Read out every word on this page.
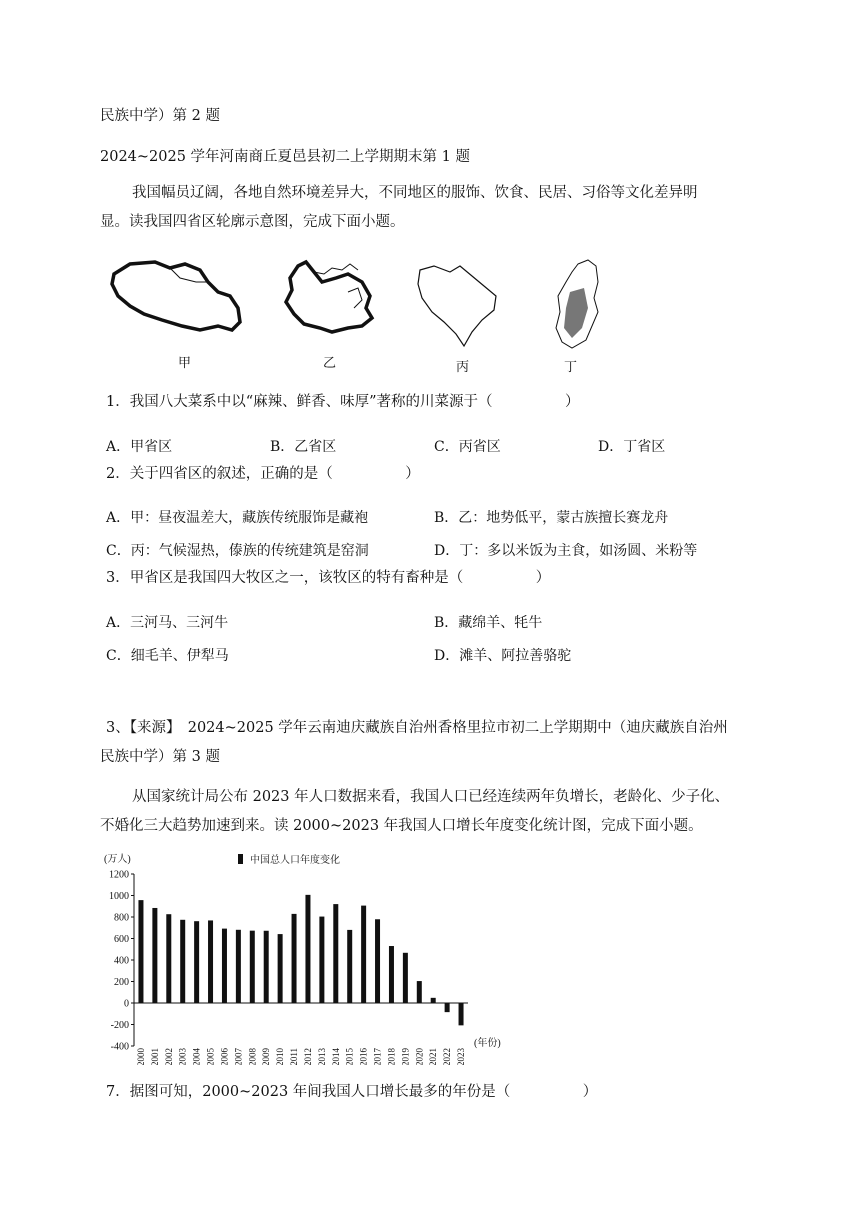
民族中学）第 2 题
2024~2025 学年河南商丘夏邑县初二上学期期末第 1 题
我国幅员辽阔，各地自然环境差异大，不同地区的服饰、饮食、民居、习俗等文化差异明
显。读我国四省区轮廓示意图，完成下面小题。
甲	乙	丙	丁
1．我国八大菜系中以“麻辣、鲜香、味厚”著称的川菜源于（　　　　　）
A．甲省区	B．乙省区	C．丙省区	D．丁省区
2．关于四省区的叙述，正确的是（　　　　　）
A．甲：昼夜温差大，藏族传统服饰是藏袍	B．乙：地势低平，蒙古族擅长赛龙舟
C．丙：气候湿热，傣族的传统建筑是窑洞	D．丁：多以米饭为主食，如汤圆、米粉等
3．甲省区是我国四大牧区之一，该牧区的特有畜种是（　　　　　）
A．三河马、三河牛	B．藏绵羊、牦牛
C．细毛羊、伊犁马	D．滩羊、阿拉善骆驼
3、【来源】　2024~2025 学年云南迪庆藏族自治州香格里拉市初二上学期期中（迪庆藏族自治州
民族中学）第 3 题
从国家统计局公布 2023 年人口数据来看，我国人口已经连续两年负增长，老龄化、少子化、
不婚化三大趋势加速到来。读 2000~2023 年我国人口增长年度变化统计图，完成下面小题。
1200
1000
800
600
400
200
0
-200
-400
(万人)	中国总人口年度变化
2000 2001 2002 2003 2004 2005 2006 2007 2008 2009 2010 2011 2012 2013 2014 2015 2016 2017 2018 2019 2020 2021 2022 2023
(年份)
7．据图可知，2000~2023 年间我国人口增长最多的年份是（　　　　　）
